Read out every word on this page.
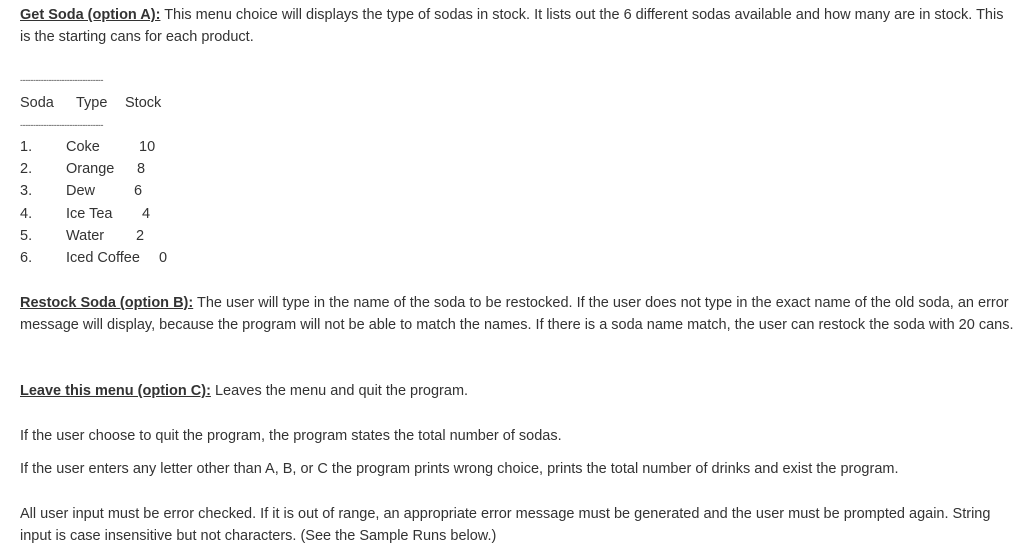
Get Soda (option A): This menu choice will displays the type of sodas in stock. It lists out the 6 different sodas available and how many are in stock. This is the starting cans for each product.

--------------------------------
Soda Type Stock
--------------------------------
1. Coke	10
2. Orange 8
3. Dew	6
4. Ice Tea 4
5. Water 2
6. Iced Coffee 0

Restock Soda (option B): The user will type in the name of the soda to be restocked. If the user does not type in the exact name of the old soda, an error message will display, because the program will not be able to match the names. If there is a soda name match, the user can restock the soda with 20 cans.

Leave this menu (option C): Leaves the menu and quit the program.

If the user choose to quit the program, the program states the total number of sodas.

If the user enters any letter other than A, B, or C the program prints wrong choice, prints the total number of drinks and exist the program.

All user input must be error checked. If it is out of range, an appropriate error message must be generated and the user must be prompted again. String input is case insensitive but not characters. (See the Sample Runs below.)
